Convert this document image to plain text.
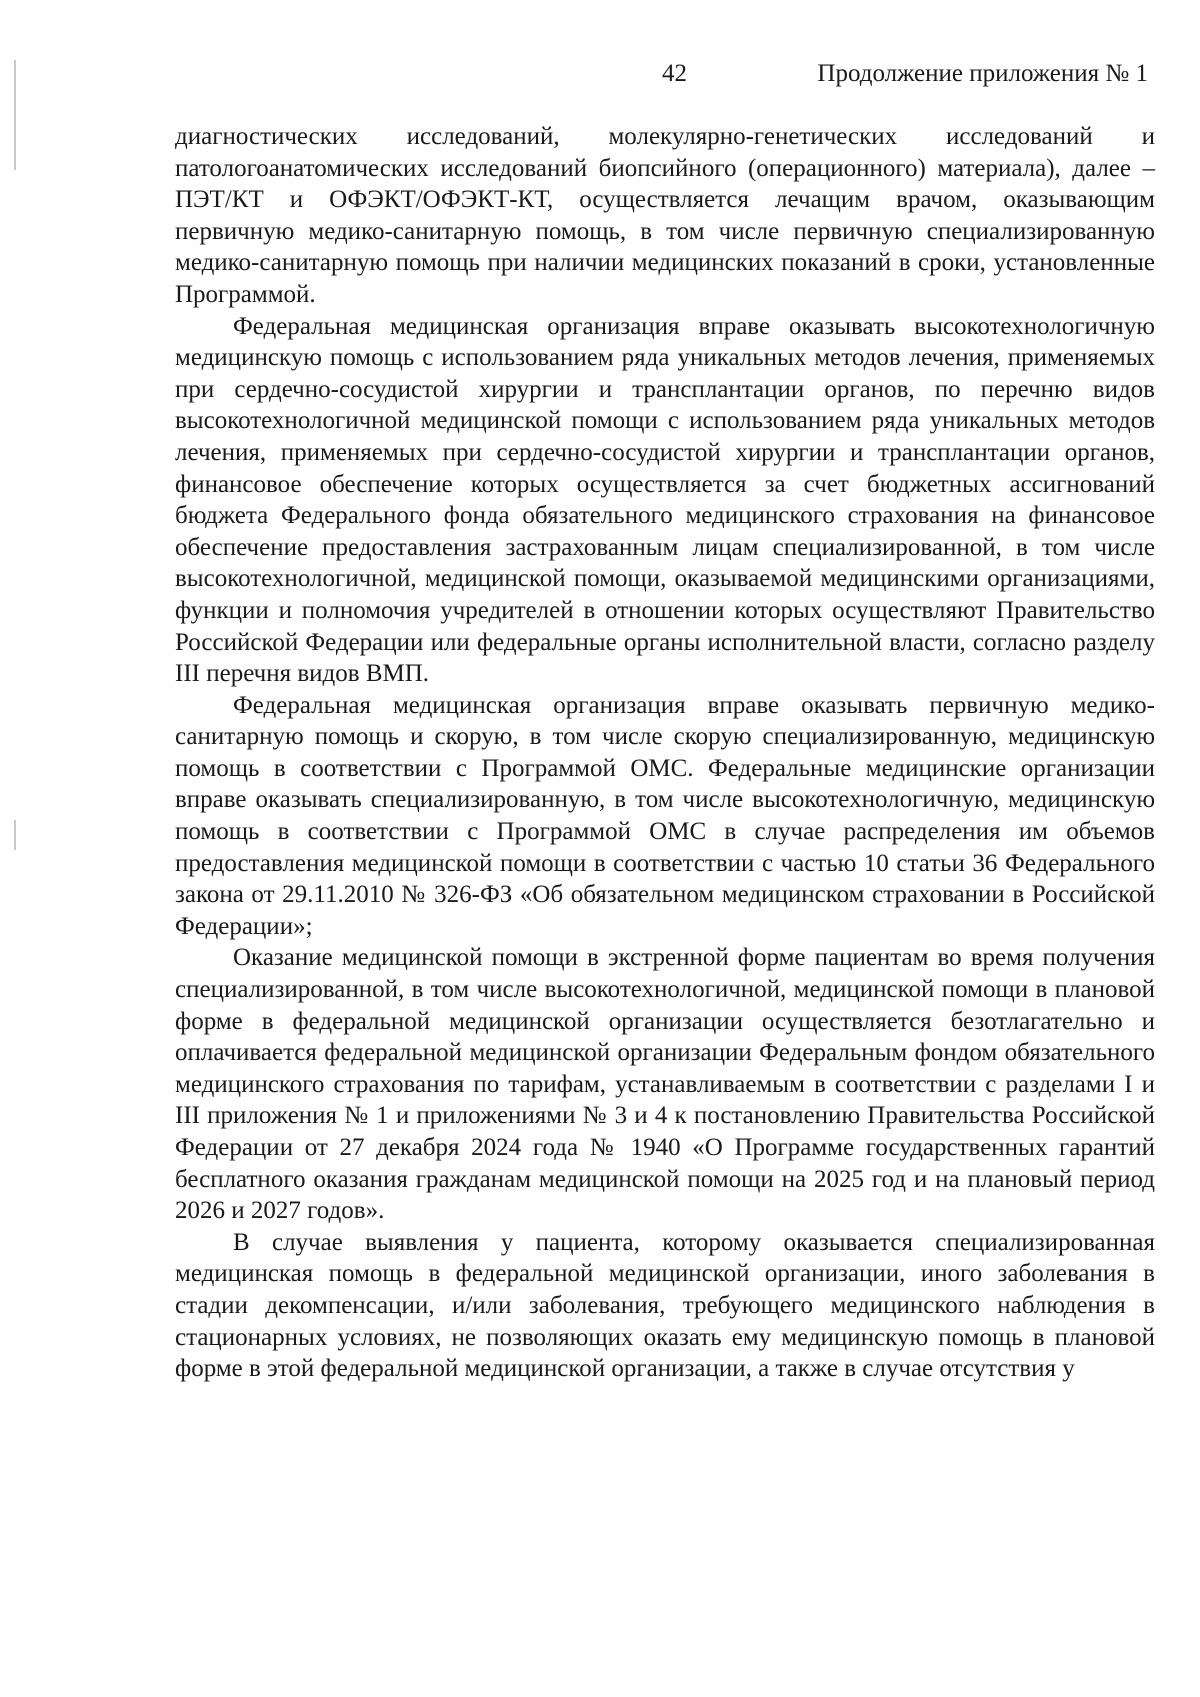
42	Продолжение приложения № 1

диагностических исследований, молекулярно-генетических исследований и патологоанатомических исследований биопсийного (операционного) материала), далее – ПЭТ/КТ и ОФЭКТ/ОФЭКТ-КТ, осуществляется лечащим врачом, оказывающим первичную медико-санитарную помощь, в том числе первичную специализированную медико-санитарную помощь при наличии медицинских показаний в сроки, установленные Программой.

Федеральная медицинская организация вправе оказывать высокотехнологичную медицинскую помощь с использованием ряда уникальных методов лечения, применяемых при сердечно-сосудистой хирургии и трансплантации органов, по перечню видов высокотехнологичной медицинской помощи с использованием ряда уникальных методов лечения, применяемых при сердечно-сосудистой хирургии и трансплантации органов, финансовое обеспечение которых осуществляется за счет бюджетных ассигнований бюджета Федерального фонда обязательного медицинского страхования на финансовое обеспечение предоставления застрахованным лицам специализированной, в том числе высокотехнологичной, медицинской помощи, оказываемой медицинскими организациями, функции и полномочия учредителей в отношении которых осуществляют Правительство Российской Федерации или федеральные органы исполнительной власти, согласно разделу III перечня видов ВМП.

Федеральная медицинская организация вправе оказывать первичную медико-санитарную помощь и скорую, в том числе скорую специализированную, медицинскую помощь в соответствии с Программой ОМС. Федеральные медицинские организации вправе оказывать специализированную, в том числе высокотехнологичную, медицинскую помощь в соответствии с Программой ОМС в случае распределения им объемов предоставления медицинской помощи в соответствии с частью 10 статьи 36 Федерального закона от 29.11.2010 № 326-ФЗ «Об обязательном медицинском страховании в Российской Федерации»;

Оказание медицинской помощи в экстренной форме пациентам во время получения специализированной, в том числе высокотехнологичной, медицинской помощи в плановой форме в федеральной медицинской организации осуществляется безотлагательно и оплачивается федеральной медицинской организации Федеральным фондом обязательного медицинского страхования по тарифам, устанавливаемым в соответствии с разделами I и III приложения № 1 и приложениями № 3 и 4 к постановлению Правительства Российской Федерации от 27 декабря 2024 года № 1940 «О Программе государственных гарантий бесплатного оказания гражданам медицинской помощи на 2025 год и на плановый период 2026 и 2027 годов».

В случае выявления у пациента, которому оказывается специализированная медицинская помощь в федеральной медицинской организации, иного заболевания в стадии декомпенсации, и/или заболевания, требующего медицинского наблюдения в стационарных условиях, не позволяющих оказать ему медицинскую помощь в плановой форме в этой федеральной медицинской организации, а также в случае отсутствия у
